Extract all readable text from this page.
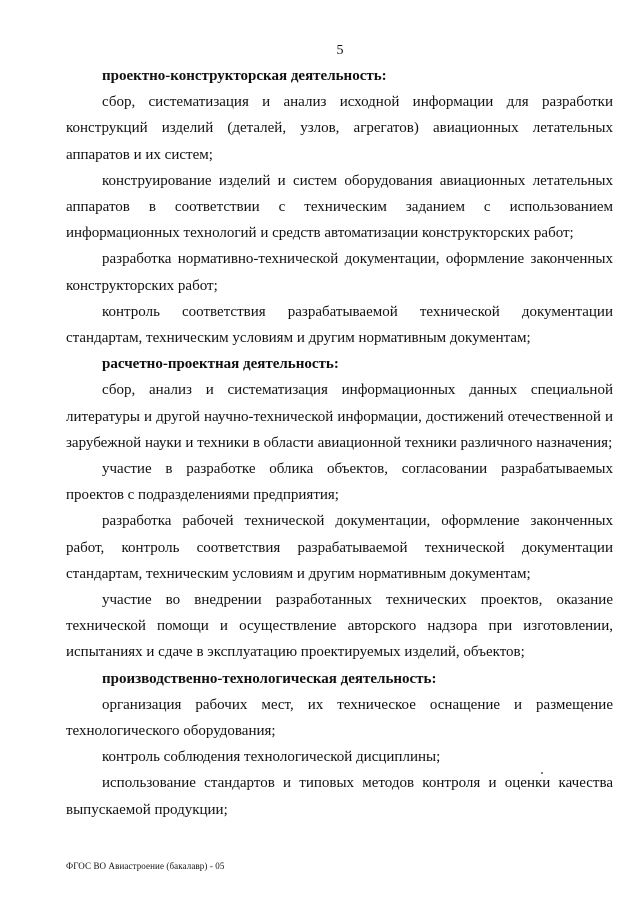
5

проектно-конструкторская деятельность:

сбор, систематизация и анализ исходной информации для разработки конструкций изделий (деталей, узлов, агрегатов) авиационных летательных аппаратов и их систем;

конструирование изделий и систем оборудования авиационных летательных аппаратов в соответствии с техническим заданием с использованием информационных технологий и средств автоматизации конструкторских работ;

разработка нормативно-технической документации, оформление законченных конструкторских работ;

контроль соответствия разрабатываемой технической документации стандартам, техническим условиям и другим нормативным документам;

расчетно-проектная деятельность:

сбор, анализ и систематизация информационных данных специальной литературы и другой научно-технической информации, достижений отечественной и зарубежной науки и техники в области авиационной техники различного назначения;

участие в разработке облика объектов, согласовании разрабатываемых проектов с подразделениями предприятия;

разработка рабочей технической документации, оформление законченных работ, контроль соответствия разрабатываемой технической документации стандартам, техническим условиям и другим нормативным документам;

участие во внедрении разработанных технических проектов, оказание технической помощи и осуществление авторского надзора при изготовлении, испытаниях и сдаче в эксплуатацию проектируемых изделий, объектов;

производственно-технологическая деятельность:

организация рабочих мест, их техническое оснащение и размещение технологического оборудования;

контроль соблюдения технологической дисциплины;

использование стандартов и типовых методов контроля и оценки качества выпускаемой продукции;

ФГОС ВО Авиастроение (бакалавр) - 05
